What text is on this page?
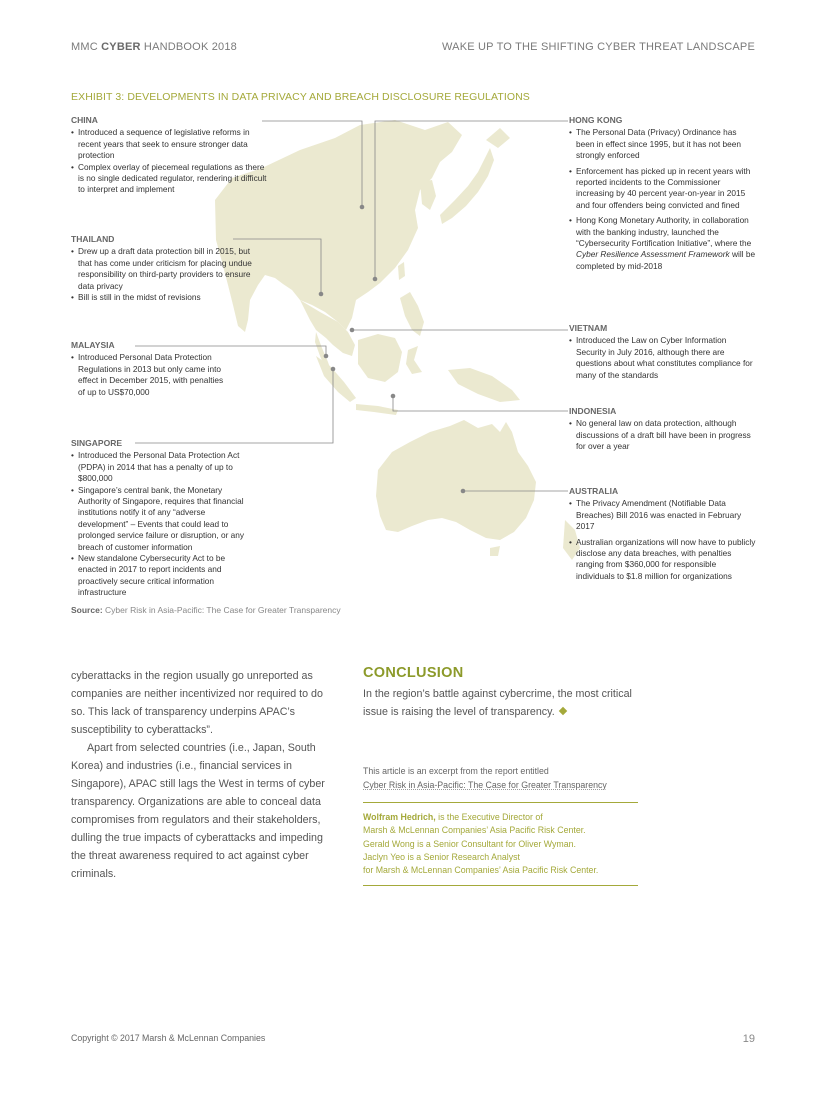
MMC CYBER HANDBOOK 2018	WAKE UP TO THE SHIFTING CYBER THREAT LANDSCAPE
EXHIBIT 3: DEVELOPMENTS IN DATA PRIVACY AND BREACH DISCLOSURE REGULATIONS
CHINA
• Introduced a sequence of legislative reforms in recent years that seek to ensure stronger data protection
• Complex overlay of piecemeal regulations as there is no single dedicated regulator, rendering it difficult to interpret and implement
THAILAND
• Drew up a draft data protection bill in 2015, but that has come under criticism for placing undue responsibility on third-party providers to ensure data privacy
• Bill is still in the midst of revisions
MALAYSIA
• Introduced Personal Data Protection Regulations in 2013 but only came into effect in December 2015, with penalties of up to US$70,000
SINGAPORE
• Introduced the Personal Data Protection Act (PDPA) in 2014 that has a penalty of up to $800,000
• Singapore’s central bank, the Monetary Authority of Singapore, requires that financial institutions notify it of any “adverse development” – Events that could lead to prolonged service failure or disruption, or any breach of customer information
• New standalone Cybersecurity Act to be enacted in 2017 to report incidents and proactively secure critical information infrastructure
HONG KONG
• The Personal Data (Privacy) Ordinance has been in effect since 1995, but it has not been strongly enforced
• Enforcement has picked up in recent years with reported incidents to the Commissioner increasing by 40 percent year-on-year in 2015 and four offenders being convicted and fined
• Hong Kong Monetary Authority, in collaboration with the banking industry, launched the “Cybersecurity Fortification Initiative”, where the Cyber Resilience Assessment Framework will be completed by mid-2018
VIETNAM
• Introduced the Law on Cyber Information Security in July 2016, although there are questions about what constitutes compliance for many of the standards
INDONESIA
• No general law on data protection, although discussions of a draft bill have been in progress for over a year
AUSTRALIA
• The Privacy Amendment (Notifiable Data Breaches) Bill 2016 was enacted in February 2017
• Australian organizations will now have to publicly disclose any data breaches, with penalties ranging from $360,000 for responsible individuals to $1.8 million for organizations
Source: Cyber Risk in Asia-Pacific: The Case for Greater Transparency

cyberattacks in the region usually go unreported as companies are neither incentivized nor required to do so. This lack of transparency underpins APAC’s susceptibility to cyberattacks”.

Apart from selected countries (i.e., Japan, South Korea) and industries (i.e., financial services in Singapore), APAC still lags the West in terms of cyber transparency. Organizations are able to conceal data compromises from regulators and their stakeholders, dulling the true impacts of cyberattacks and impeding the threat awareness required to act against cyber criminals.

CONCLUSION
In the region’s battle against cybercrime, the most critical issue is raising the level of transparency.
This article is an excerpt from the report entitled
Cyber Risk in Asia-Pacific: The Case for Greater Transparency

Wolfram Hedrich, is the Executive Director of

Marsh & McLennan Companies’ Asia Pacific Risk Center.

Gerald Wong is a Senior Consultant for Oliver Wyman.

Jaclyn Yeo is a Senior Research Analyst

for Marsh & McLennan Companies’ Asia Pacific Risk Center.

Copyright © 2017 Marsh & McLennan Companies	19
